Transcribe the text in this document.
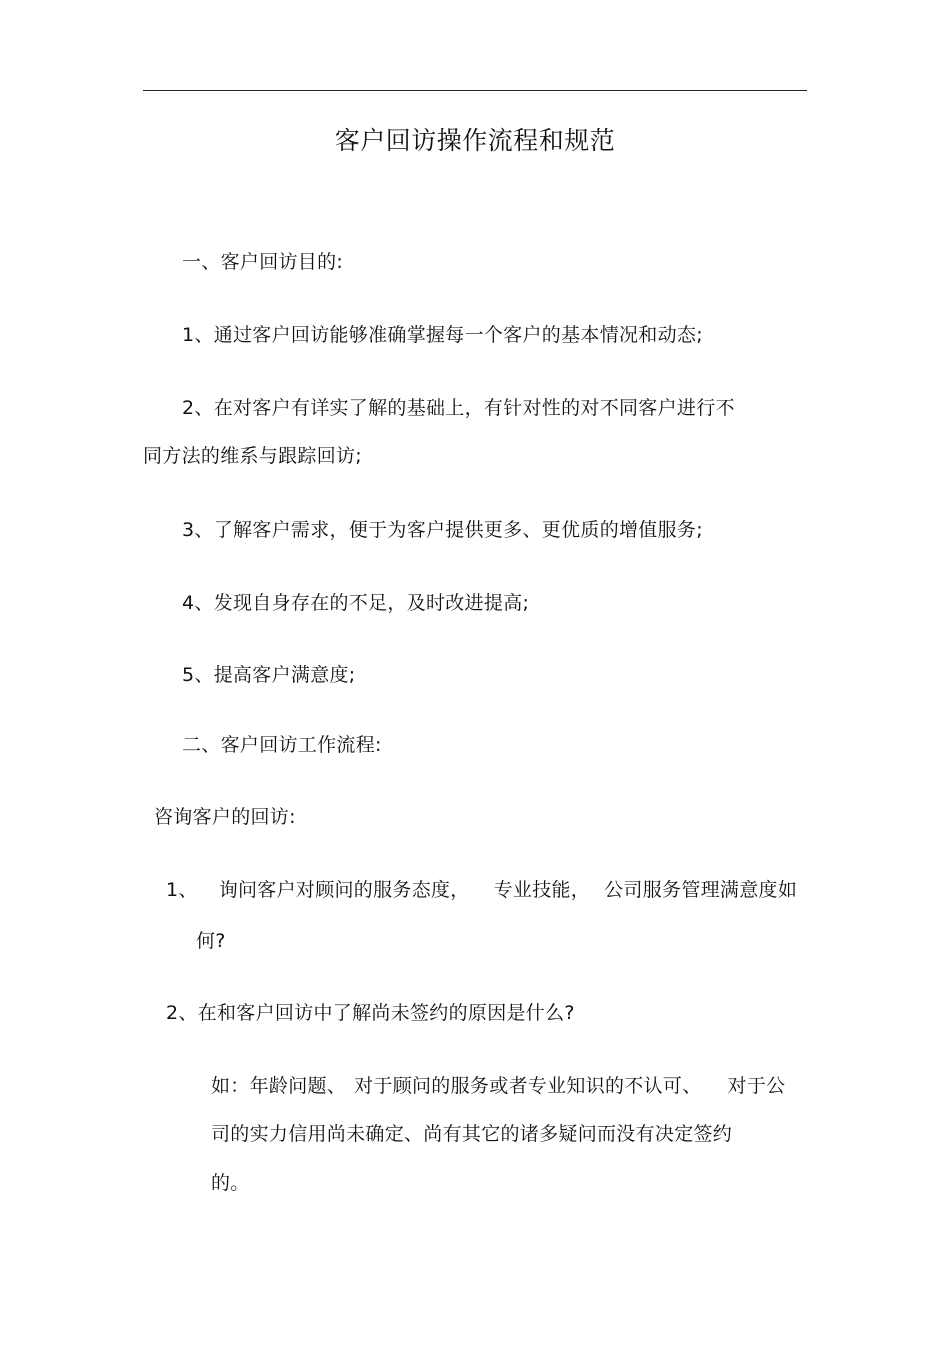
客户回访操作流程和规范
一、客户回访目的:
1、通过客户回访能够准确掌握每一个客户的基本情况和动态;
2、在对客户有详实了解的基础上，有针对性的对不同客户进行不
同方法的维系与跟踪回访;
3、了解客户需求，便于为客户提供更多、更优质的增值服务;
4、发现自身存在的不足，及时改进提高;
5、提高客户满意度;
二、客户回访工作流程:
咨询客户的回访:
1、 询问客户对顾问的服务态度， 专业技能， 公司服务管理满意度如
何?
2、在和客户回访中了解尚未签约的原因是什么?
如：年龄问题、 对于顾问的服务或者专业知识的不认可、 对于公
司的实力信用尚未确定、尚有其它的诸多疑问而没有决定签约
的。
